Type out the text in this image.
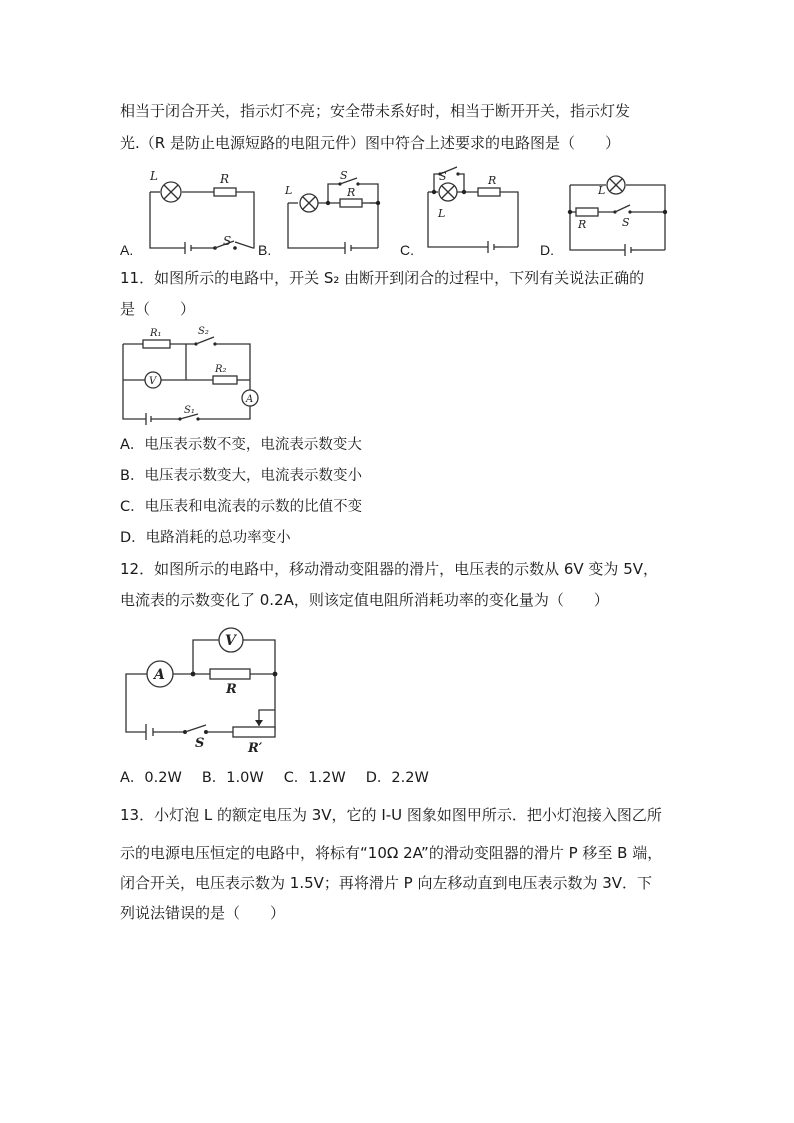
相当于闭合开关，指示灯不亮；安全带未系好时，相当于断开开关，指示灯发
光.（R 是防止电源短路的电阻元件）图中符合上述要求的电路图是（　　）
L	R
S
A.
L	R
S
B.
L
R
S
C.
L
R	S
D.
11．如图所示的电路中，开关 S₂ 由断开到闭合的过程中，下列有关说法正确的
是（　　）
R₁	S₂
R₂
S₁
V
A
A．电压表示数不变，电流表示数变大
B．电压表示数变大，电流表示数变小
C．电压表和电流表的示数的比值不变
D．电路消耗的总功率变小
12．如图所示的电路中，移动滑动变阻器的滑片，电压表的示数从 6V 变为 5V，
电流表的示数变化了 0.2A，则该定值电阻所消耗功率的变化量为（　　）
V
A
R
R′
S
A．0.2W B．1.0W C．1.2W D．2.2W
13．小灯泡 L 的额定电压为 3V，它的 I-U 图象如图甲所示．把小灯泡接入图乙所
示的电源电压恒定的电路中，将标有“10Ω 2A”的滑动变阻器的滑片 P 移至 B 端，
闭合开关，电压表示数为 1.5V；再将滑片 P 向左移动直到电压表示数为 3V．下
列说法错误的是（　　）
